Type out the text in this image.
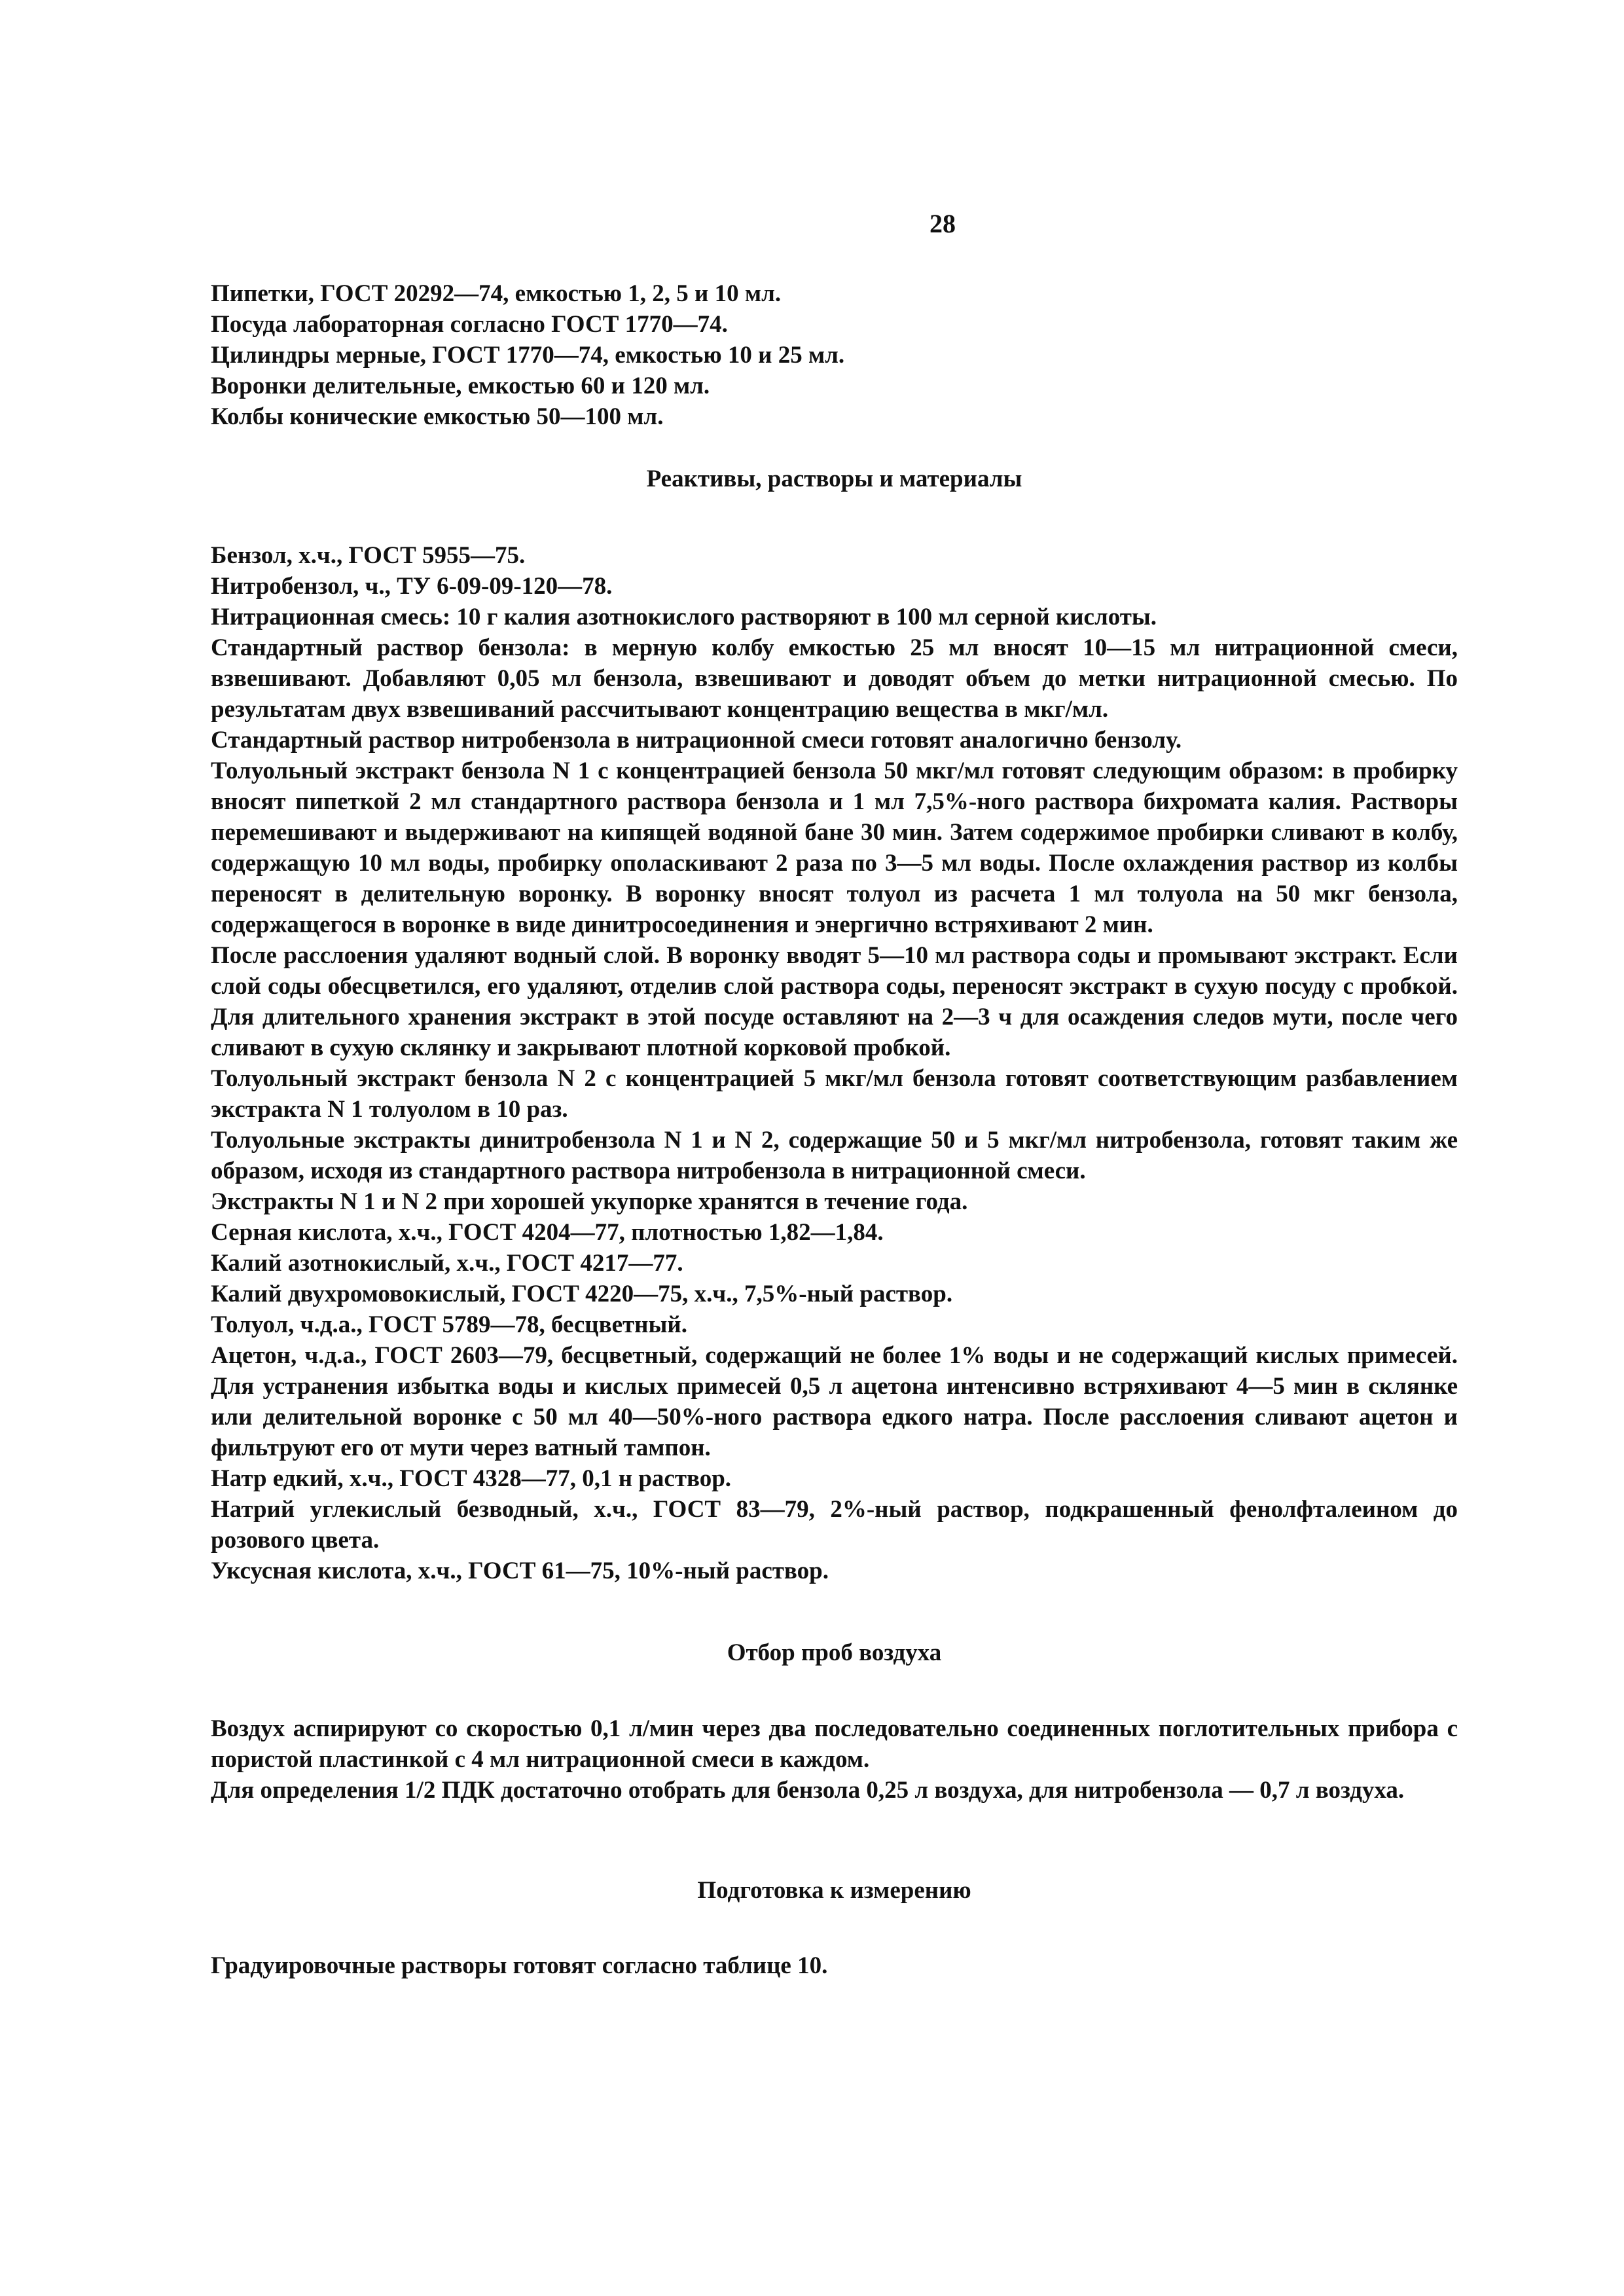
28

Пипетки, ГОСТ 20292—74, емкостью 1, 2, 5 и 10 мл.

Посуда лабораторная согласно ГОСТ 1770—74.

Цилиндры мерные, ГОСТ 1770—74, емкостью 10 и 25 мл.

Воронки делительные, емкостью 60 и 120 мл.

Колбы конические емкостью 50—100 мл.

Реактивы, растворы и материалы

Бензол, х.ч., ГОСТ 5955—75.

Нитробензол, ч., ТУ 6-09-09-120—78.

Нитрационная смесь: 10 г калия азотнокислого растворяют в 100 мл серной кислоты.

Стандартный раствор бензола: в мерную колбу емкостью 25 мл вносят 10—15 мл нитрационной смеси, взвешивают. Добавляют 0,05 мл бензола, взвешивают и доводят объем до метки нитрационной смесью. По результатам двух взвешиваний рассчитывают концентрацию вещества в мкг/мл.

Стандартный раствор нитробензола в нитрационной смеси готовят аналогично бензолу.

Толуольный экстракт бензола N 1 с концентрацией бензола 50 мкг/мл готовят следующим образом: в пробирку вносят пипеткой 2 мл стандартного раствора бензола и 1 мл 7,5%-ного раствора бихромата калия. Растворы перемешивают и выдерживают на кипящей водяной бане 30 мин. Затем содержимое пробирки сливают в колбу, содержащую 10 мл воды, пробирку ополаскивают 2 раза по 3—5 мл воды. После охлаждения раствор из колбы переносят в делительную воронку. В воронку вносят толуол из расчета 1 мл толуола на 50 мкг бензола, содержащегося в воронке в виде динитросоединения и энергично встряхивают 2 мин.

После расслоения удаляют водный слой. В воронку вводят 5—10 мл раствора соды и промывают экстракт. Если слой соды обесцветился, его удаляют, отделив слой раствора соды, переносят экстракт в сухую посуду с пробкой. Для длительного хранения экстракт в этой посуде оставляют на 2—3 ч для осаждения следов мути, после чего сливают в сухую склянку и закрывают плотной корковой пробкой.

Толуольный экстракт бензола N 2 с концентрацией 5 мкг/мл бензола готовят соответствующим разбавлением экстракта N 1 толуолом в 10 раз.

Толуольные экстракты динитробензола N 1 и N 2, содержащие 50 и 5 мкг/мл нитробензола, готовят таким же образом, исходя из стандартного раствора нитробензола в нитрационной смеси.

Экстракты N 1 и N 2 при хорошей укупорке хранятся в течение года.

Серная кислота, х.ч., ГОСТ 4204—77, плотностью 1,82—1,84.

Калий азотнокислый, х.ч., ГОСТ 4217—77.

Калий двухромовокислый, ГОСТ 4220—75, х.ч., 7,5%-ный раствор.

Толуол, ч.д.а., ГОСТ 5789—78, бесцветный.

Ацетон, ч.д.а., ГОСТ 2603—79, бесцветный, содержащий не более 1% воды и не содержащий кислых примесей. Для устранения избытка воды и кислых примесей 0,5 л ацетона интенсивно встряхивают 4—5 мин в склянке или делительной воронке с 50 мл 40—50%-ного раствора едкого натра. После расслоения сливают ацетон и фильтруют его от мути через ватный тампон.

Натр едкий, х.ч., ГОСТ 4328—77, 0,1 н раствор.

Натрий углекислый безводный, х.ч., ГОСТ 83—79, 2%-ный раствор, подкрашенный фенолфталеином до розового цвета.

Уксусная кислота, х.ч., ГОСТ 61—75, 10%-ный раствор.

Отбор проб воздуха

Воздух аспирируют со скоростью 0,1 л/мин через два последовательно соединенных поглотительных прибора с пористой пластинкой с 4 мл нитрационной смеси в каждом.

Для определения 1/2 ПДК достаточно отобрать для бензола 0,25 л воздуха, для нитробензола — 0,7 л воздуха.

Подготовка к измерению

Градуировочные растворы готовят согласно таблице 10.
